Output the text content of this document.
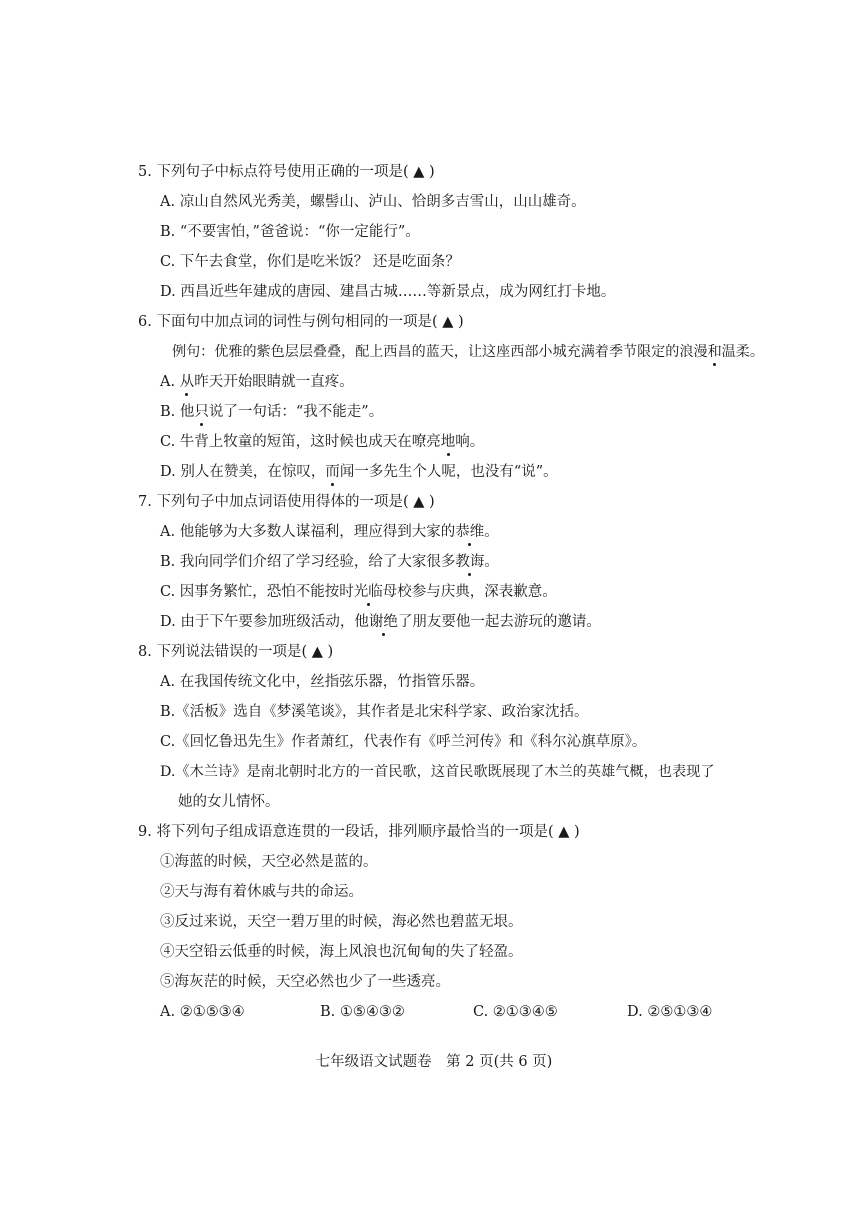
5. 下列句子中标点符号使用正确的一项是( ▲ )
A. 凉山自然风光秀美，螺髻山、泸山、恰朗多吉雪山，山山雄奇。
B. “不要害怕，”爸爸说：“你一定能行”。
C. 下午去食堂，你们是吃米饭？ 还是吃面条？
D. 西昌近些年建成的唐园、建昌古城……等新景点，成为网红打卡地。
6. 下面句中加点词的词性与例句相同的一项是( ▲ )
例句：优雅的紫色层层叠叠，配上西昌的蓝天，让这座西部小城充满着季节限定的浪漫和温柔。
A. 从昨天开始眼睛就一直疼。
B. 他只说了一句话：“我不能走”。
C. 牛背上牧童的短笛，这时候也成天在嘹亮地响。
D. 别人在赞美，在惊叹，而闻一多先生个人呢，也没有“说”。
7. 下列句子中加点词语使用得体的一项是( ▲ )
A. 他能够为大多数人谋福利，理应得到大家的恭维。
B. 我向同学们介绍了学习经验，给了大家很多教诲。
C. 因事务繁忙，恐怕不能按时光临母校参与庆典，深表歉意。
D. 由于下午要参加班级活动，他谢绝了朋友要他一起去游玩的邀请。
8. 下列说法错误的一项是( ▲ )
A. 在我国传统文化中，丝指弦乐器，竹指管乐器。
B.《活板》选自《梦溪笔谈》，其作者是北宋科学家、政治家沈括。
C.《回忆鲁迅先生》作者萧红，代表作有《呼兰河传》和《科尔沁旗草原》。
D.《木兰诗》是南北朝时北方的一首民歌，这首民歌既展现了木兰的英雄气概，也表现了
她的女儿情怀。
9. 将下列句子组成语意连贯的一段话，排列顺序最恰当的一项是( ▲ )
①海蓝的时候，天空必然是蓝的。
②天与海有着休戚与共的命运。
③反过来说，天空一碧万里的时候，海必然也碧蓝无垠。
④天空铅云低垂的时候，海上风浪也沉甸甸的失了轻盈。
⑤海灰茫的时候，天空必然也少了一些透亮。
A. ②①⑤③④	B. ①⑤④③②	C. ②①③④⑤	D. ②⑤①③④
七年级语文试题卷　第 2 页(共 6 页)
